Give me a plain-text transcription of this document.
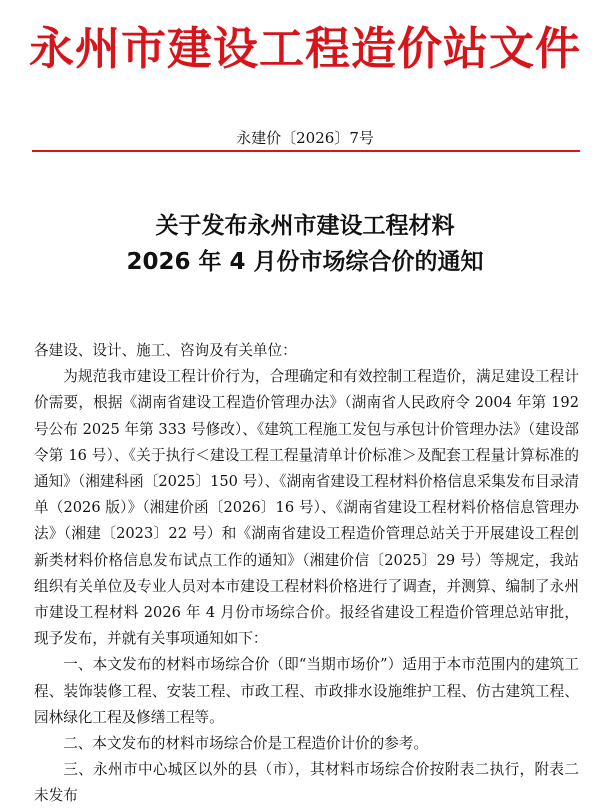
永州市建设工程造价站文件
永建价〔2026〕7号
关于发布永州市建设工程材料
2026 年 4 月份市场综合价的通知

各建设、设计、施工、咨询及有关单位：

为规范我市建设工程计价行为，合理确定和有效控制工程造价，满足建设工程计价需要，根据《湖南省建设工程造价管理办法》（湖南省人民政府令 2004 年第 192 号公布 2025 年第 333 号修改）、《建筑工程施工发包与承包计价管理办法》（建设部令第 16 号）、《关于执行＜建设工程工程量清单计价标准＞及配套工程量计算标准的通知》（湘建科函〔2025〕150 号）、《湖南省建设工程材料价格信息采集发布目录清单（2026 版）》（湘建价函〔2026〕16 号）、《湖南省建设工程材料价格信息管理办法》（湘建〔2023〕22 号）和《湖南省建设工程造价管理总站关于开展建设工程创新类材料价格信息发布试点工作的通知》（湘建价信〔2025〕29 号）等规定，我站组织有关单位及专业人员对本市建设工程材料价格进行了调查，并测算、编制了永州市建设工程材料 2026 年 4 月份市场综合价。报经省建设工程造价管理总站审批，现予发布，并就有关事项通知如下：

一、本文发布的材料市场综合价（即“当期市场价”）适用于本市范围内的建筑工程、装饰装修工程、安装工程、市政工程、市政排水设施维护工程、仿古建筑工程、园林绿化工程及修缮工程等。

二、本文发布的材料市场综合价是工程造价计价的参考。

三、永州市中心城区以外的县（市），其材料市场综合价按附表二执行，附表二未发布
